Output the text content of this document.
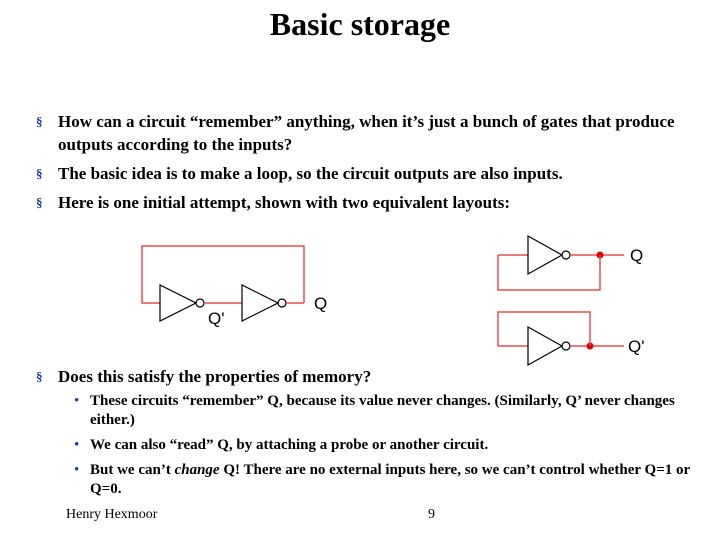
Basic storage
§ How can a circuit “remember” anything, when it’s just a bunch of gates that produce outputs according to the inputs?
§ The basic idea is to make a loop, so the circuit outputs are also inputs.
§ Here is one initial attempt, shown with two equivalent layouts:
Q'
Q
Q
Q'
§ Does this satisfy the properties of memory?
• These circuits “remember” Q, because its value never changes. (Similarly, Q’ never changes either.)
• We can also “read” Q, by attaching a probe or another circuit.
• But we can’t change Q! There are no external inputs here, so we can’t control whether Q=1 or Q=0.
Henry Hexmoor	9
